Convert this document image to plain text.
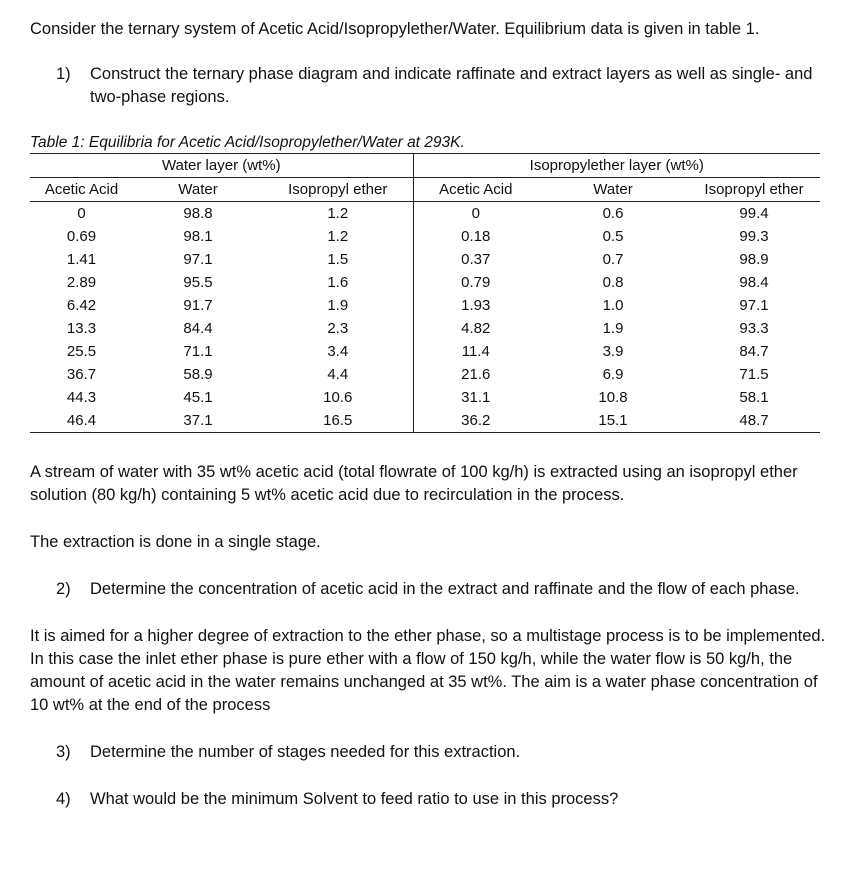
Consider the ternary system of Acetic Acid/Isopropylether/Water. Equilibrium data is given in table 1.

1)	Construct the ternary phase diagram and indicate raffinate and extract layers as well as single- and two-phase regions.
Table 1: Equilibria for Acetic Acid/Isopropylether/Water at 293K.
Water layer (wt%)			Isopropylether layer (wt%)		
Acetic Acid	Water	Isopropyl ether	Acetic Acid	Water	Isopropyl ether
0	98.8	1.2	0	0.6	99.4
0.69	98.1	1.2	0.18	0.5	99.3
1.41	97.1	1.5	0.37	0.7	98.9
2.89	95.5	1.6	0.79	0.8	98.4
6.42	91.7	1.9	1.93	1.0	97.1
13.3	84.4	2.3	4.82	1.9	93.3
25.5	71.1	3.4	11.4	3.9	84.7
36.7	58.9	4.4	21.6	6.9	71.5
44.3	45.1	10.6	31.1	10.8	58.1
46.4	37.1	16.5	36.2	15.1	48.7

A stream of water with 35 wt% acetic acid (total flowrate of 100 kg/h) is extracted using an isopropyl ether solution (80 kg/h) containing 5 wt% acetic acid due to recirculation in the process.

The extraction is done in a single stage.

2)	Determine the concentration of acetic acid in the extract and raffinate and the flow of each phase.

It is aimed for a higher degree of extraction to the ether phase, so a multistage process is to be implemented. In this case the inlet ether phase is pure ether with a flow of 150 kg/h, while the water flow is 50 kg/h, the amount of acetic acid in the water remains unchanged at 35 wt%. The aim is a water phase concentration of 10 wt% at the end of the process

3)	Determine the number of stages needed for this extraction.
4)	What would be the minimum Solvent to feed ratio to use in this process?
